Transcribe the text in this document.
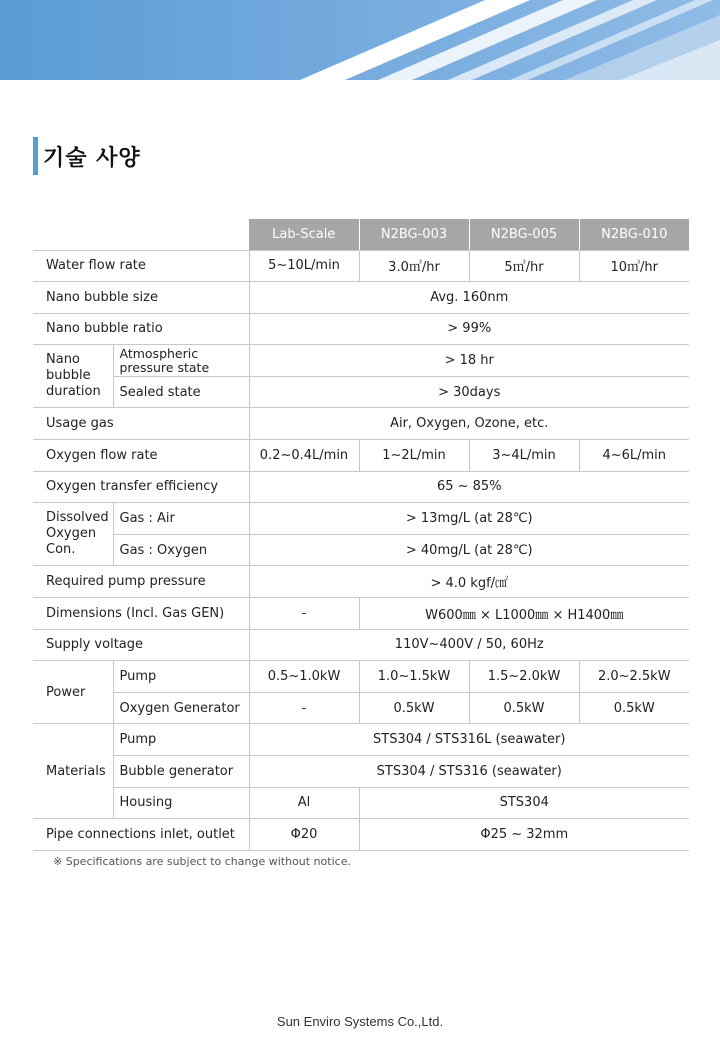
기술 사양
		Lab-Scale	N2BG-003	N2BG-005	N2BG-010
Water flow rate		5~10L/min	3.0㎥/hr	5㎥/hr	10㎥/hr
Nano bubble size		Avg. 160nm			
Nano bubble ratio		> 99%			
Nano bubble duration	Atmospheric pressure state	> 18 hr			
	Sealed state	> 30days			
Usage gas		Air, Oxygen, Ozone, etc.			
Oxygen flow rate		0.2~0.4L/min	1~2L/min	3~4L/min	4~6L/min
Oxygen transfer efficiency		65 ~ 85%			
Dissolved Oxygen Con.	Gas : Air	> 13mg/L (at 28℃)			
	Gas : Oxygen	> 40mg/L (at 28℃)			
Required pump pressure		> 4.0 kgf/㎠			
Dimensions (Incl. Gas GEN)		-	W600㎜ × L1000㎜ × H1400㎜		
Supply voltage		110V~400V / 50, 60Hz			
Power	Pump	0.5~1.0kW	1.0~1.5kW	1.5~2.0kW	2.0~2.5kW
	Oxygen Generator	-	0.5kW	0.5kW	0.5kW
Materials	Pump	STS304 / STS316L (seawater)			
	Bubble generator	STS304 / STS316 (seawater)			
	Housing	Al	STS304		
Pipe connections inlet, outlet		Φ20	Φ25 ~ 32mm		
※ Specifications are subject to change without notice.
Sun Enviro Systems Co.,Ltd.
